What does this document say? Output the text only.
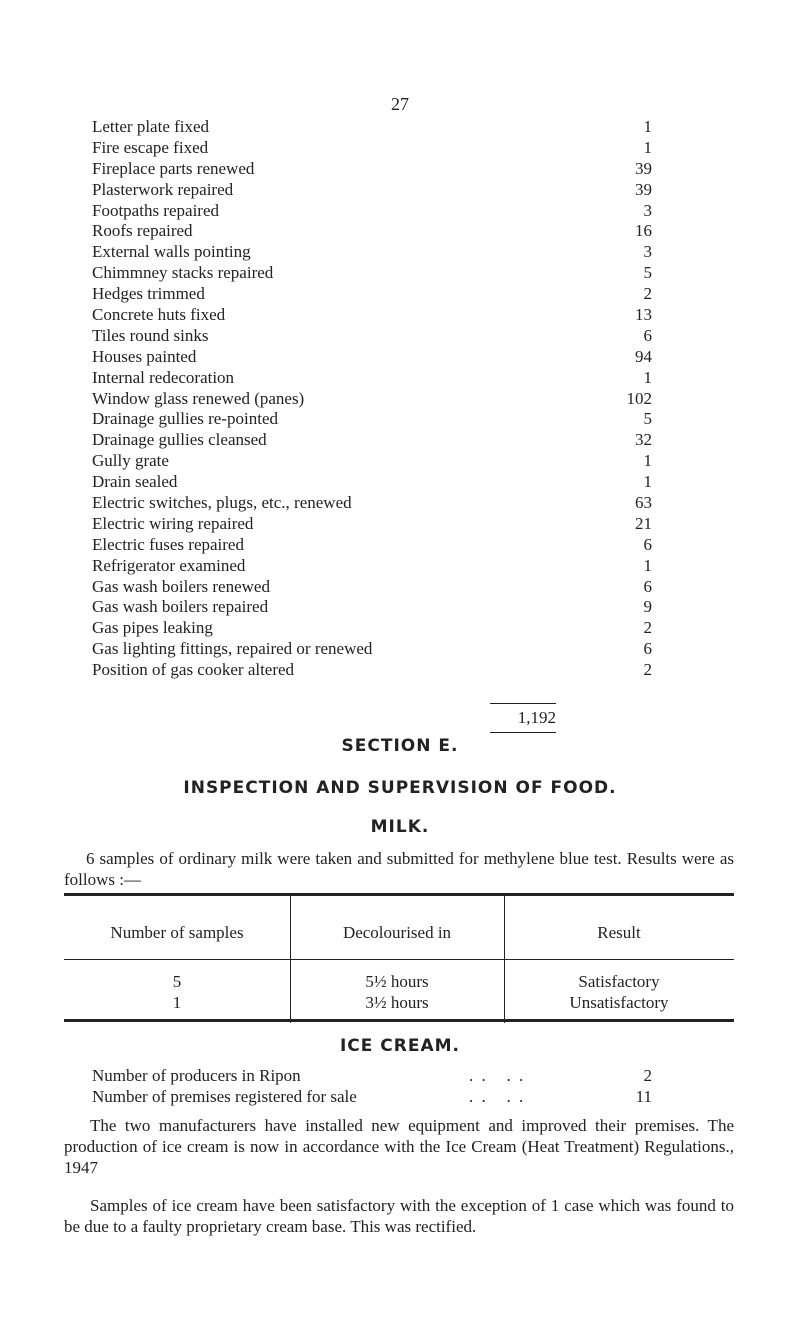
27
Letter plate fixed	1
Fire escape fixed	1
Fireplace parts renewed	39
Plasterwork repaired	39
Footpaths repaired	3
Roofs repaired	16
External walls pointing	3
Chimmney stacks repaired	5
Hedges trimmed	2
Concrete huts fixed	13
Tiles round sinks	6
Houses painted	94
Internal redecoration	1
Window glass renewed (panes)	102
Drainage gullies re-pointed	5
Drainage gullies cleansed	32
Gully grate	1
Drain sealed	1
Electric switches, plugs, etc., renewed	63
Electric wiring repaired	21
Electric fuses repaired	6
Refrigerator examined	1
Gas wash boilers renewed	6
Gas wash boilers repaired	9
Gas pipes leaking	2
Gas lighting fittings, repaired or renewed	6
Position of gas cooker altered	2
1,192
SECTION E.
INSPECTION AND SUPERVISION OF FOOD.
MILK.
6 samples of ordinary milk were taken and submitted for methylene blue test. Results were as follows :—
Number of samples	Decolourised in	Result
5	5½ hours	Satisfactory
1	3½ hours	Unsatisfactory
ICE CREAM.
Number of producers in Ripon	. .   . .	2
Number of premises registered for sale	. .   . .	11
The two manufacturers have installed new equipment and improved their premises. The production of ice cream is now in accordance with the Ice Cream (Heat Treatment) Regulations., 1947
Samples of ice cream have been satisfactory with the exception of 1 case which was found to be due to a faulty proprietary cream base. This was rectified.
